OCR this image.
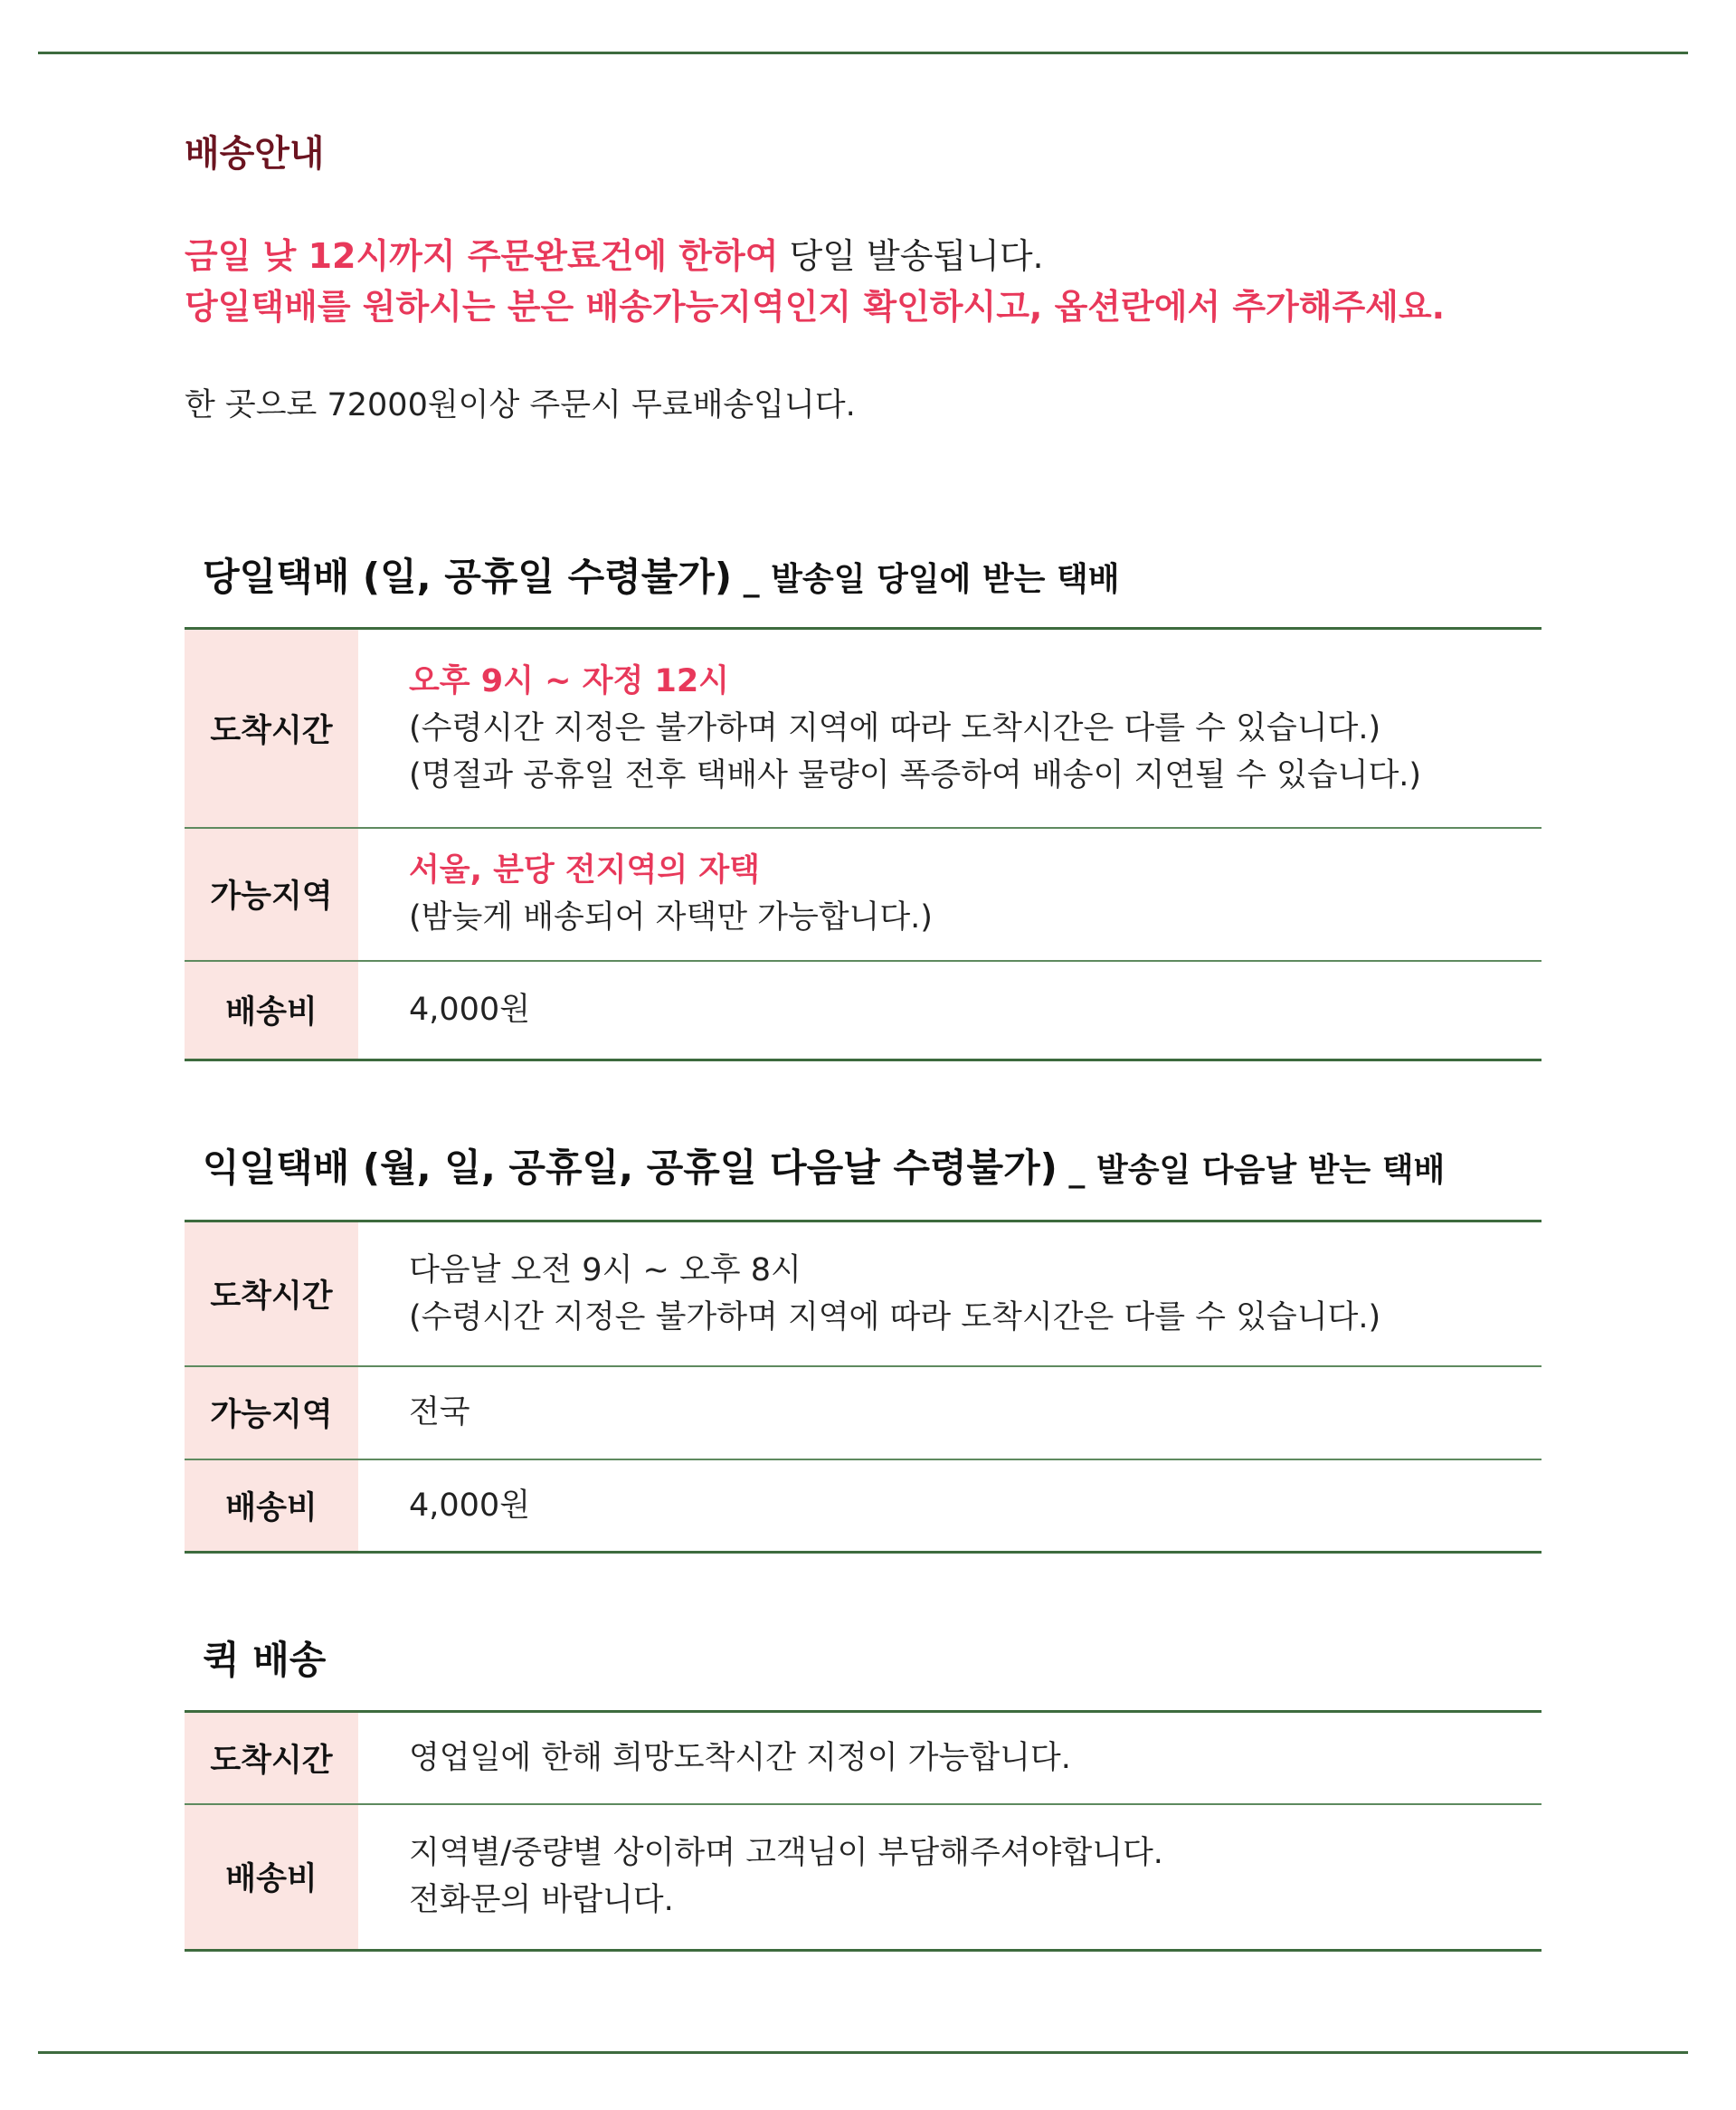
배송안내
금일 낮 12시까지 주문완료건에 한하여 당일 발송됩니다.
당일택배를 원하시는 분은 배송가능지역인지 확인하시고, 옵션란에서 추가해주세요.
한 곳으로 72000원이상 주문시 무료배송입니다.
당일택배 (일, 공휴일 수령불가) _ 발송일 당일에 받는 택배
도착시간	오후 9시 ~ 자정 12시
(수령시간 지정은 불가하며 지역에 따라 도착시간은 다를 수 있습니다.)
(명절과 공휴일 전후 택배사 물량이 폭증하여 배송이 지연될 수 있습니다.)

가능지역	서울, 분당 전지역의 자택
(밤늦게 배송되어 자택만 가능합니다.)

배송비	4,000원
익일택배 (월, 일, 공휴일, 공휴일 다음날 수령불가) _ 발송일 다음날 받는 택배
도착시간	다음날 오전 9시 ~ 오후 8시
(수령시간 지정은 불가하며 지역에 따라 도착시간은 다를 수 있습니다.)

가능지역	전국

배송비	4,000원
퀵 배송
도착시간	영업일에 한해 희망도착시간 지정이 가능합니다.

배송비	지역별/중량별 상이하며 고객님이 부담해주셔야합니다.
전화문의 바랍니다.
